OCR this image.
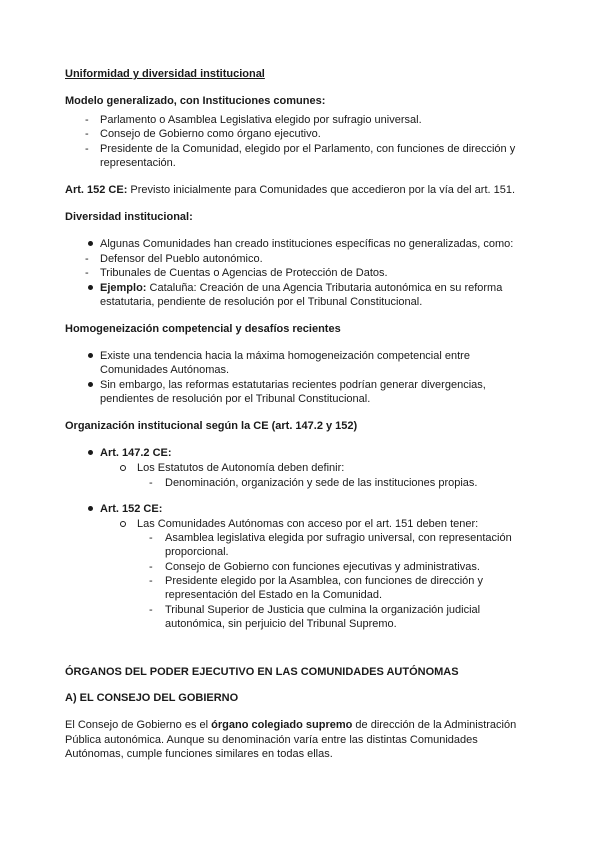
Uniformidad y diversidad institucional
Modelo generalizado, con Instituciones comunes:
- Parlamento o Asamblea Legislativa elegido por sufragio universal.
- Consejo de Gobierno como órgano ejecutivo.
- Presidente de la Comunidad, elegido por el Parlamento, con funciones de dirección y
representación.
Art. 152 CE: Previsto inicialmente para Comunidades que accedieron por la vía del art. 151.
Diversidad institucional:
Algunas Comunidades han creado instituciones específicas no generalizadas, como:
- Defensor del Pueblo autonómico.
- Tribunales de Cuentas o Agencias de Protección de Datos.
Ejemplo: Cataluña: Creación de una Agencia Tributaria autonómica en su reforma
estatutaria, pendiente de resolución por el Tribunal Constitucional.
Homogeneización competencial y desafíos recientes
Existe una tendencia hacia la máxima homogeneización competencial entre
Comunidades Autónomas.
Sin embargo, las reformas estatutarias recientes podrían generar divergencias,
pendientes de resolución por el Tribunal Constitucional.
Organización institucional según la CE (art. 147.2 y 152)
Art. 147.2 CE:
Los Estatutos de Autonomía deben definir:
- Denominación, organización y sede de las instituciones propias.
Art. 152 CE:
Las Comunidades Autónomas con acceso por el art. 151 deben tener:
- Asamblea legislativa elegida por sufragio universal, con representación
proporcional.
- Consejo de Gobierno con funciones ejecutivas y administrativas.
- Presidente elegido por la Asamblea, con funciones de dirección y
representación del Estado en la Comunidad.
- Tribunal Superior de Justicia que culmina la organización judicial
autonómica, sin perjuicio del Tribunal Supremo.
ÓRGANOS DEL PODER EJECUTIVO EN LAS COMUNIDADES AUTÓNOMAS
A) EL CONSEJO DEL GOBIERNO
El Consejo de Gobierno es el órgano colegiado supremo de dirección de la Administración
Pública autonómica. Aunque su denominación varía entre las distintas Comunidades
Autónomas, cumple funciones similares en todas ellas.
